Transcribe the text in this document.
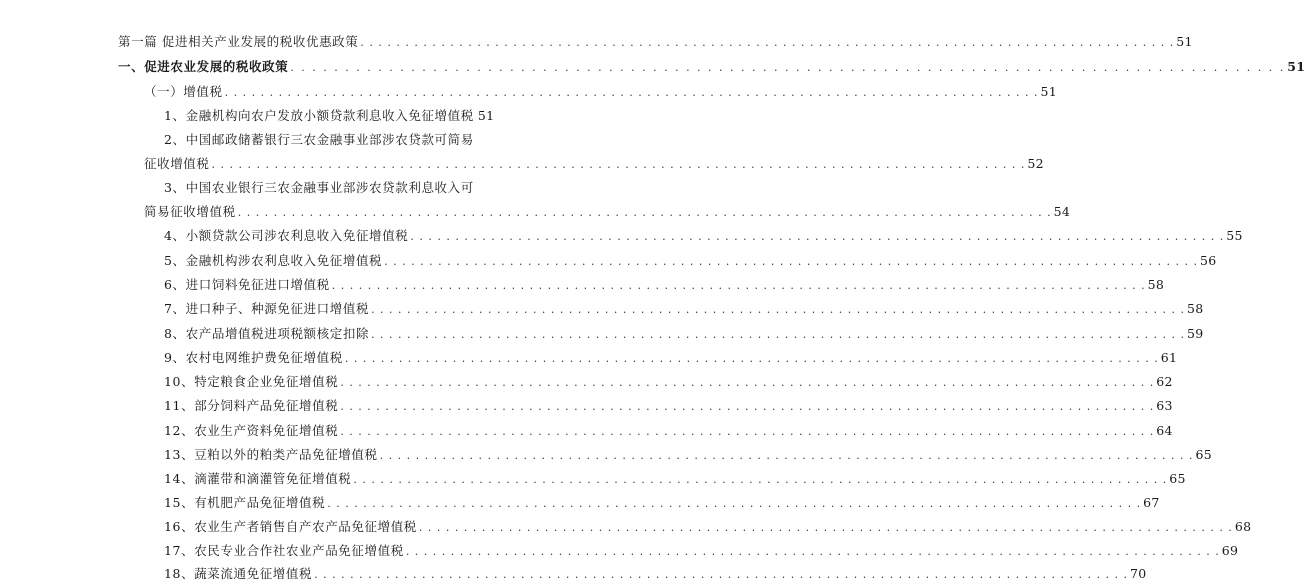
第一篇 促进相关产业发展的税收优惠政策 . . .	51
一、促进农业发展的税收政策 . . .	51
（一）增值税 . . .	51
1、金融机构向农户发放小额贷款利息收入免征增值税 51
2、中国邮政储蓄银行三农金融事业部涉农贷款可简易
征收增值税 . . .	52
3、中国农业银行三农金融事业部涉农贷款利息收入可
简易征收增值税 . . .	54
4、小额贷款公司涉农利息收入免征增值税 . . .	55
5、金融机构涉农利息收入免征增值税 . . .	56
6、进口饲料免征进口增值税 . . .	58
7、进口种子、种源免征进口增值税 . . .	58
8、农产品增值税进项税额核定扣除 . . .	59
9、农村电网维护费免征增值税 . . .	61
10、特定粮食企业免征增值税 . . .	62
11、部分饲料产品免征增值税 . . .	63
12、农业生产资料免征增值税 . . .	64
13、豆粕以外的粕类产品免征增值税 . . .	65
14、滴灌带和滴灌管免征增值税 . . .	65
15、有机肥产品免征增值税 . . .	67
16、农业生产者销售自产农产品免征增值税 . . .	68
17、农民专业合作社农业产品免征增值税 . . .	69
18、蔬菜流通免征增值税 . . .	70
